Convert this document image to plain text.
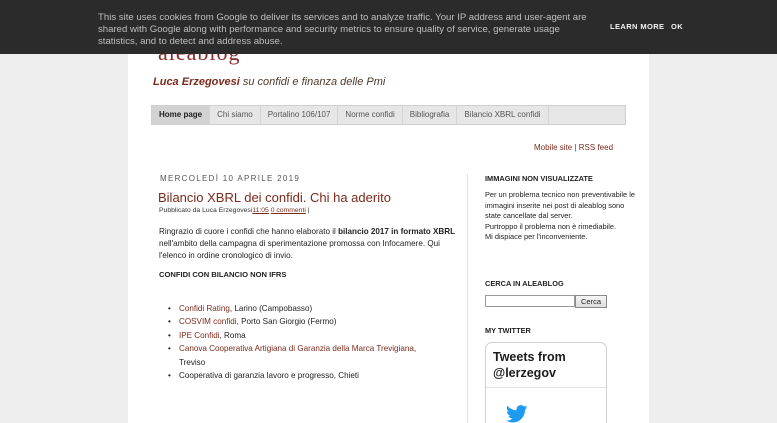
This site uses cookies from Google to deliver its services and to analyze traffic. Your IP address and user-agent are shared with Google along with performance and security metrics to ensure quality of service, generate usage statistics, and to detect and address abuse.
LEARN MORE OK
Luca Erzegovesi su confidi e finanza delle Pmi
Home page	Chi siamo	Portalino 106/107	Norme confidi	Bibliografia	Bilancio XBRL confidi
Mobile site | RSS feed
MERCOLEDÌ 10 APRILE 2019
Bilancio XBRL dei confidi. Chi ha aderito
Pubblicato da Luca Erzegovesi11:05 0 commenti |
Ringrazio di cuore i confidi che hanno elaborato il bilancio 2017 in formato XBRL nell'ambito della campagna di sperimentazione promossa con Infocamere. Qui l'elenco in ordine cronologico di invio.
CONFIDI CON BILANCIO NON IFRS
• Confidi Rating, Larino (Campobasso)
• COSVIM confidi, Porto San Giorgio (Fermo)
• IPE Confidi, Roma
• Canova Cooperativa Artigiana di Garanzia della Marca Trevigiana, Treviso
• Cooperativa di garanzia lavoro e progresso, Chieti
IMMAGINI NON VISUALIZZATE
Per un problema tecnico non preventivabile le immagini inserite nei post di aleablog sono state cancellate dal server.
Purtroppo il problema non è rimediabile.
Mi dispiace per l'inconveniente.
CERCA IN ALEABLOG
Cerca
MY TWITTER
Tweets from
@lerzegov
